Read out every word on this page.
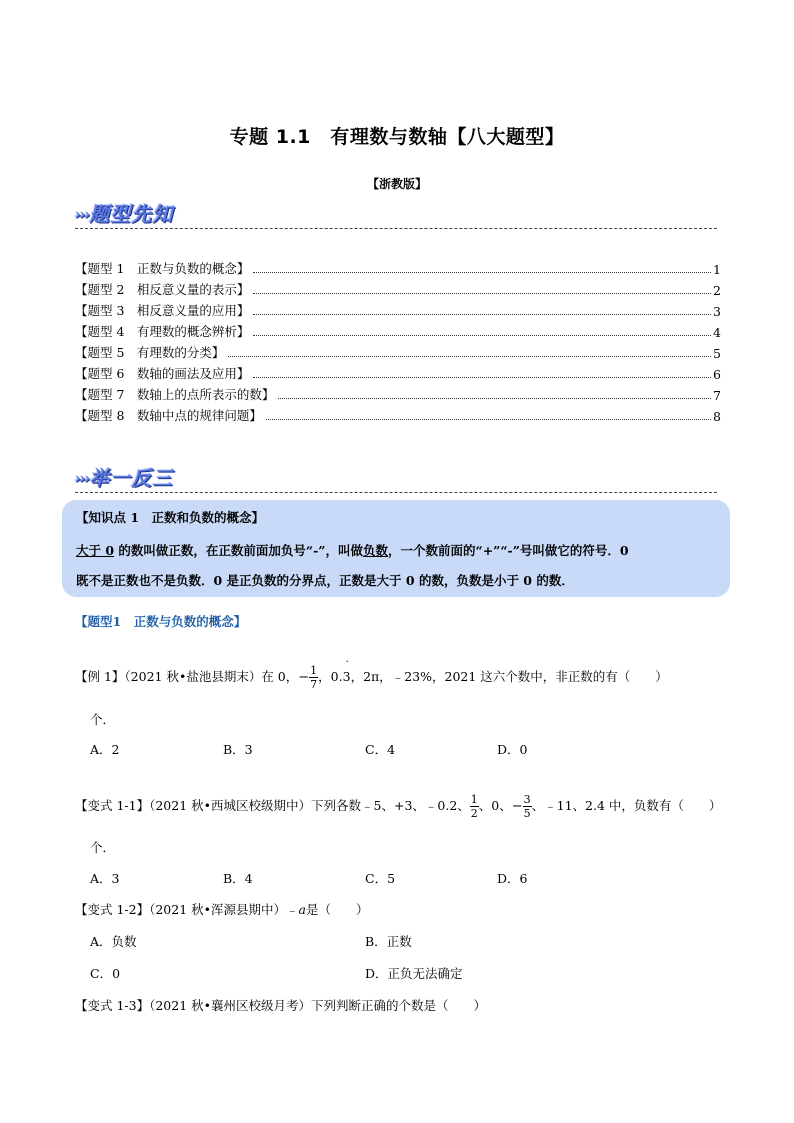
专题 1.1　有理数与数轴【八大题型】
【浙教版】
›››题型先知
【题型 1　正数与负数的概念】	1
【题型 2　相反意义量的表示】	2
【题型 3　相反意义量的应用】	3
【题型 4　有理数的概念辨析】	4
【题型 5　有理数的分类】	5
【题型 6　数轴的画法及应用】	6
【题型 7　数轴上的点所表示的数】	7
【题型 8　数轴中点的规律问题】	8
›››举一反三
【知识点 1　正数和负数的概念】
大于 0 的数叫做正数，在正数前面加负号“-”，叫做负数，一个数前面的“+”“-”号叫做它的符号．0
既不是正数也不是负数．0 是正负数的分界点，正数是大于 0 的数，负数是小于 0 的数．
【题型1　正数与负数的概念】
【例 1】（2021 秋•盐池县期末）在 0，− $\frac{1}{7}$ ，0.
·
3，2π，﹣23%，2021 这六个数中，非正数的有（　　）
个．
A．2	B．3	C．4	D．0
【变式 1-1】（2021 秋•西城区校级期中）下列各数﹣5、+3、﹣0.2、 $\frac{1}{2}$ 、0、− $\frac{3}{5}$ 、﹣11、2.4 中，负数有（　　）
个．
A．3	B．4	C．5	D．6
【变式 1-2】（2021 秋•浑源县期中）﹣a是（　　）
A．负数	B．正数
C．0	D．正负无法确定
【变式 1-3】（2021 秋•襄州区校级月考）下列判断正确的个数是（　　）
